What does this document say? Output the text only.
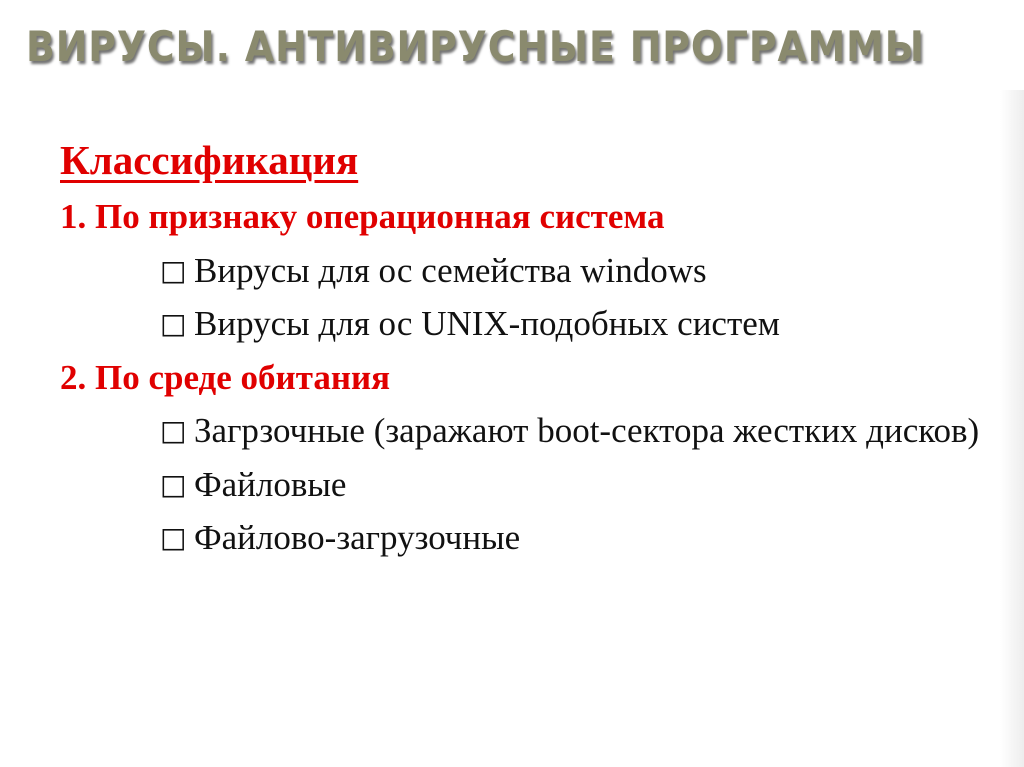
ВИРУСЫ. АНТИВИРУСНЫЕ ПРОГРАММЫ
Классификация
1. По признаку операционная система
□ Вирусы для ос семейства windows
□ Вирусы для ос UNIX-подобных систем
2. По среде обитания
□ Загрзочные (заражают boot-сектора жестких дисков)
□ Файловые
□ Файлово-загрузочные
